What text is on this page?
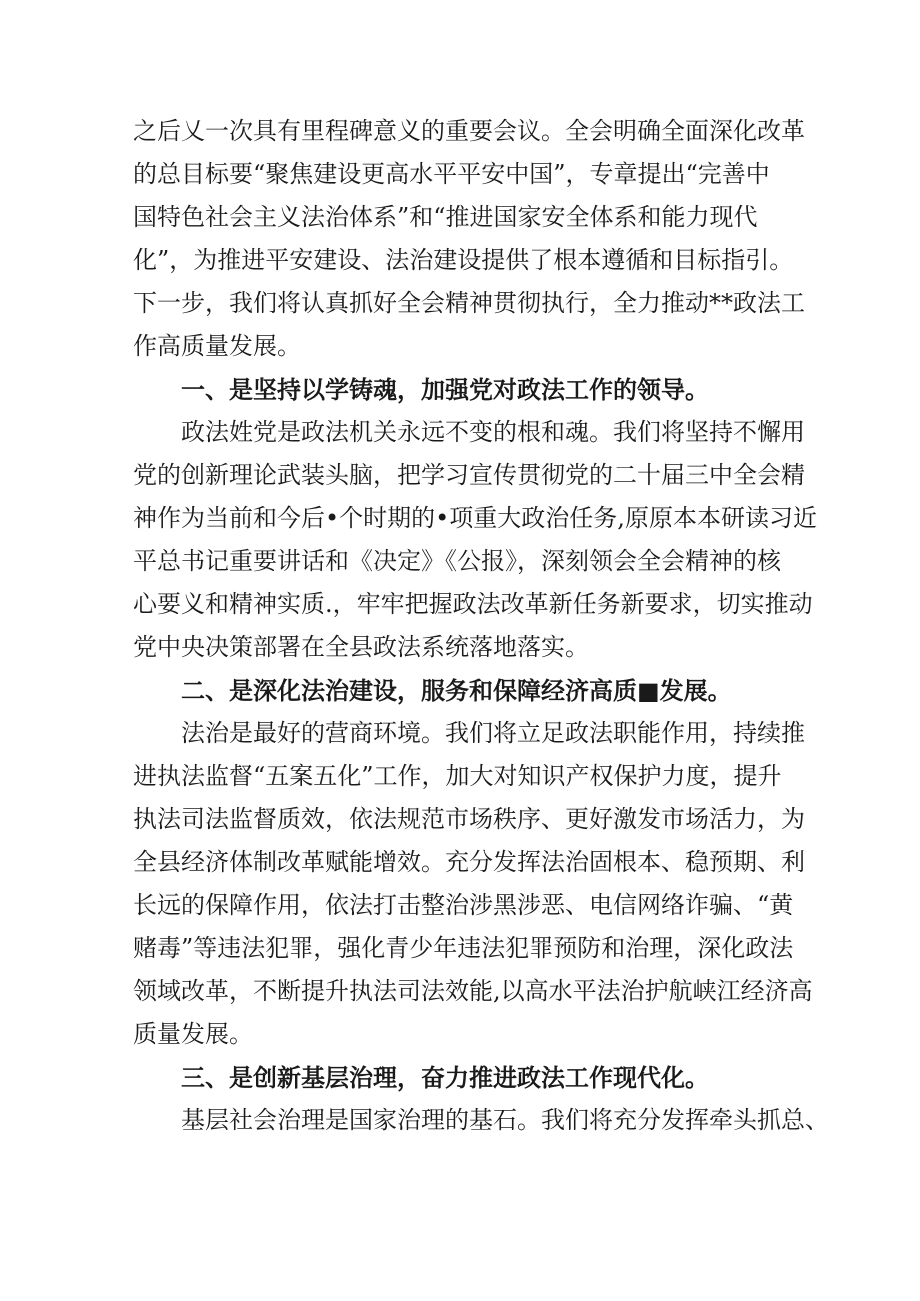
之后乂一次具有里程碑意义的重要会议。全会明确全面深化改革
的总目标要“聚焦建设更高水平平安中国”，专章提出“完善中
国特色社会主义法治体系”和“推进国家安全体系和能力现代
化”，为推进平安建设、法治建设提供了根本遵循和目标指引。
下一步，我们将认真抓好全会精神贯彻执行，全力推动**政法工
作高质量发展。
一、是坚持以学铸魂，加强党对政法工作的领导。
政法姓党是政法机关永远不变的根和魂。我们将坚持不懈用
党的创新理论武装头脑，把学习宣传贯彻党的二十届三中全会精
神作为当前和今后•个时期的•项重大政治任务,原原本本研读习近
平总书记重要讲话和《决定》《公报》，深刻领会全会精神的核
心要义和精神实质.，牢牢把握政法改革新任务新要求，切实推动
党中央决策部署在全县政法系统落地落实。
二、是深化法治建设，服务和保障经济高质■发展。
法治是最好的营商环境。我们将立足政法职能作用，持续推
进执法监督“五案五化”工作，加大对知识产权保护力度，提升
执法司法监督质效，依法规范市场秩序、更好激发市场活力，为
全县经济体制改革赋能增效。充分发挥法治固根本、稳预期、利
长远的保障作用，依法打击整治涉黑涉恶、电信网络诈骗、“黄
赌毒”等违法犯罪，强化青少年违法犯罪预防和治理，深化政法
领域改革，不断提升执法司法效能,以高水平法治护航峡江经济高
质量发展。
三、是创新基层治理，奋力推进政法工作现代化。
基层社会治理是国家治理的基石。我们将充分发挥牵头抓总、
